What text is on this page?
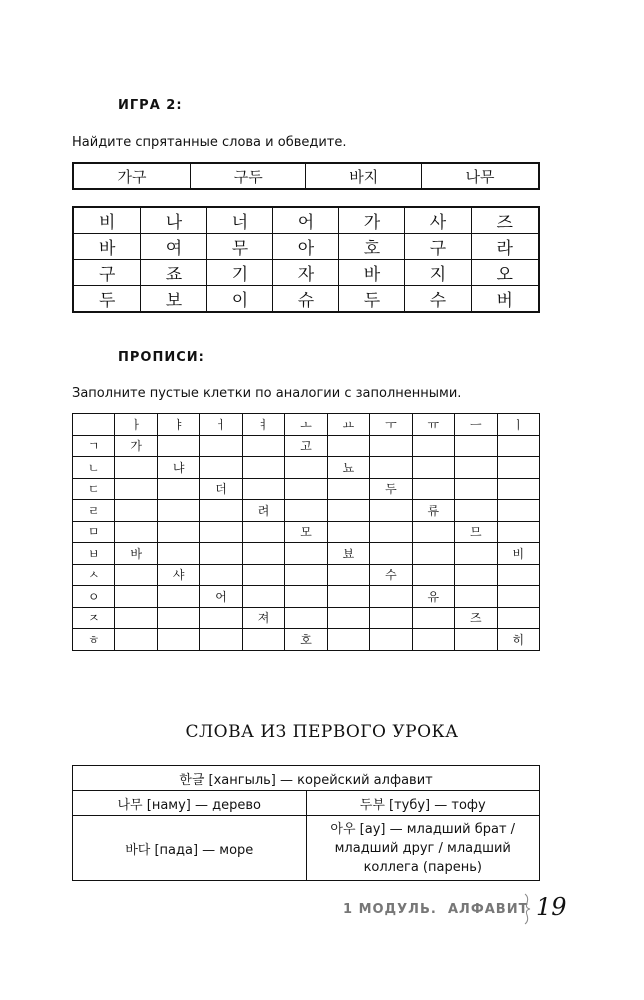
ИГРА 2:
Найдите спрятанные слова и обведите.
가구	구두	바지	나무
비	나	너	어	가	사	즈
바	여	무	아	호	구	라
구	죠	기	자	바	지	오
두	보	이	슈	두	수	버
ПРОПИСИ:
Заполните пустые клетки по аналогии с заполненными.
	ㅏ	ㅑ	ㅓ	ㅕ	ㅗ	ㅛ	ㅜ	ㅠ	ㅡ	ㅣ
ㄱ	가				고					
ㄴ		냐				뇨				
ㄷ			더				두			
ㄹ				려				류		
ㅁ					모				므	
ㅂ	바					뵤				비
ㅅ		샤					수			
ㅇ			어					유		
ㅈ				져					즈	
ㅎ					호					히
СЛОВА ИЗ ПЕРВОГО УРОКА
한글 [хангыль] — корейский алфавит	
나무 [наму] — дерево	두부 [тубу] — тофу
바다 [пада] — море	아우 [ау] — младший брат / младший друг / младший коллега (парень)
1 МОДУЛЬ. АЛФАВИТ 19
